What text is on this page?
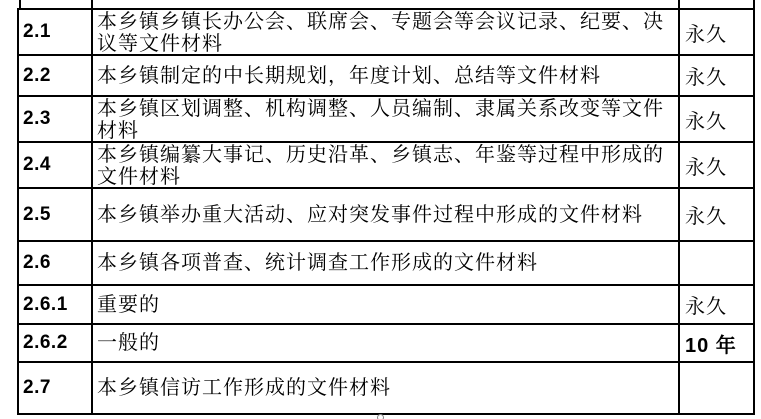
2.1	本乡镇乡镇长办公会、联席会、专题会等会议记录、纪要、决 议等文件材料	永久
2.2	本乡镇制定的中长期规划，年度计划、总结等文件材料	永久
2.3	本乡镇区划调整、机构调整、人员编制、隶属关系改变等文件 材料	永久
2.4	本乡镇编纂大事记、历史沿革、乡镇志、年鉴等过程中形成的 文件材料	永久
2.5	本乡镇举办重大活动、应对突发事件过程中形成的文件材料	永久
2.6	本乡镇各项普查、统计调查工作形成的文件材料
2.6.1	重要的	永久
2.6.2	一般的	10 年
2.7	本乡镇信访工作形成的文件材料
